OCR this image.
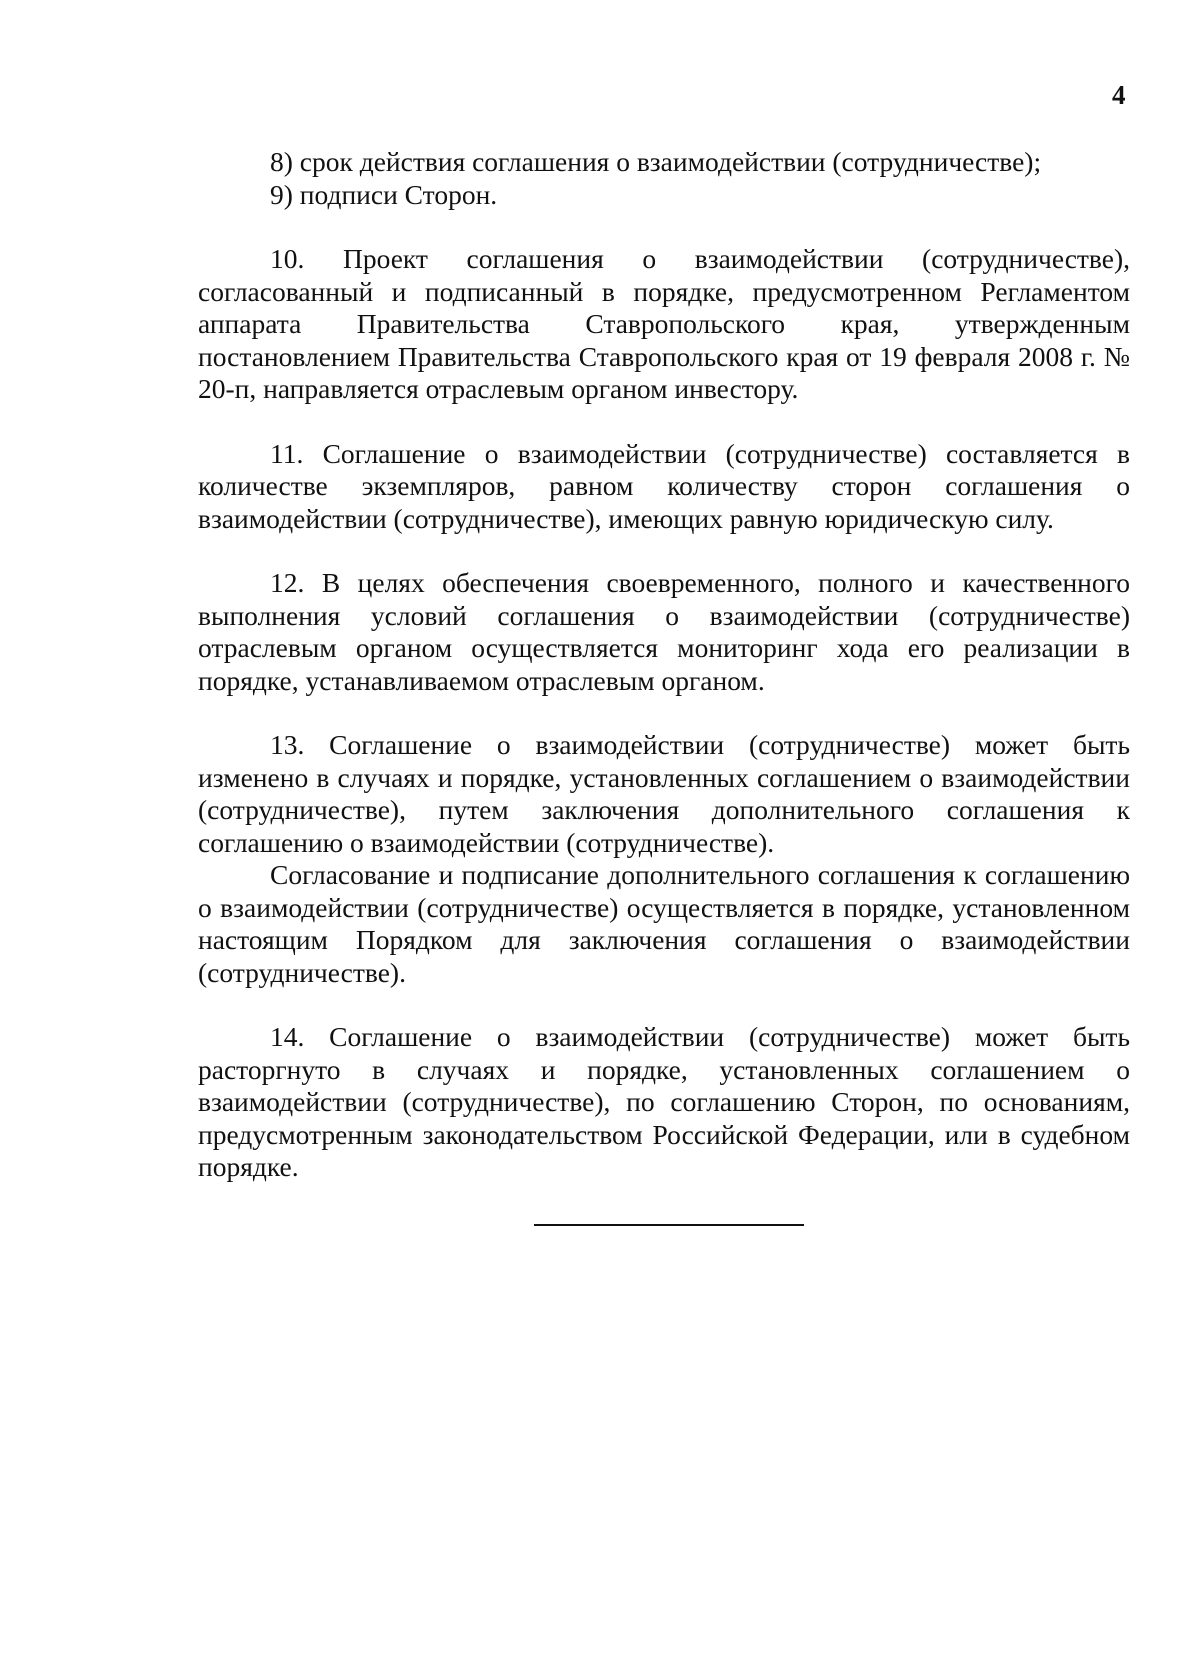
4
8) срок действия соглашения о взаимодействии (сотрудничестве);
9) подписи Сторон.

10. Проект соглашения о взаимодействии (сотрудничестве), согласованный и подписанный в порядке, предусмотренном Регламентом аппарата Правительства Ставропольского края, утвержденным постановлением Правительства Ставропольского края от 19 февраля 2008 г. № 20-п, направляется отраслевым органом инвестору.

11. Соглашение о взаимодействии (сотрудничестве) составляется в количестве экземпляров, равном количеству сторон соглашения о взаимодействии (сотрудничестве), имеющих равную юридическую силу.

12. В целях обеспечения своевременного, полного и качественного выполнения условий соглашения о взаимодействии (сотрудничестве) отраслевым органом осуществляется мониторинг хода его реализации в порядке, устанавливаемом отраслевым органом.

13. Соглашение о взаимодействии (сотрудничестве) может быть изменено в случаях и порядке, установленных соглашением о взаимодействии (сотрудничестве), путем заключения дополнительного соглашения к соглашению о взаимодействии (сотрудничестве).

Согласование и подписание дополнительного соглашения к соглашению о взаимодействии (сотрудничестве) осуществляется в порядке, установленном настоящим Порядком для заключения соглашения о взаимодействии (сотрудничестве).

14. Соглашение о взаимодействии (сотрудничестве) может быть расторгнуто в случаях и порядке, установленных соглашением о взаимодействии (сотрудничестве), по соглашению Сторон, по основаниям, предусмотренным законодательством Российской Федерации, или в судебном порядке.
